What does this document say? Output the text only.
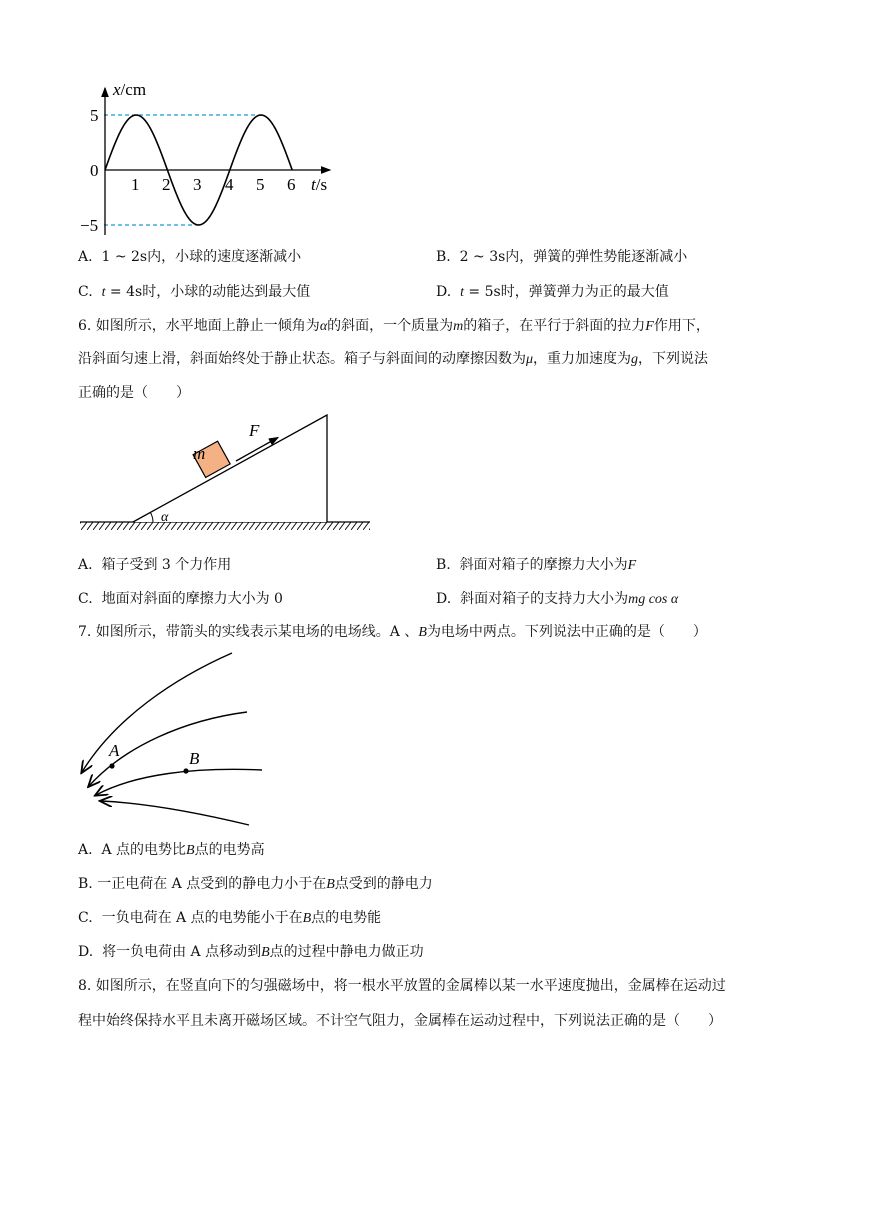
x/cm
t/s
5
0
−5
1 2 3 4 5 6
A. 1 ~ 2s内，小球的速度逐渐减小	B. 2 ~ 3s内，弹簧的弹性势能逐渐减小
C. t = 4s时，小球的动能达到最大值	D. t = 5s时，弹簧弹力为正的最大值
6. 如图所示，水平地面上静止一倾角为α的斜面，一个质量为m的箱子，在平行于斜面的拉力F作用下，
沿斜面匀速上滑，斜面始终处于静止状态。箱子与斜面间的动摩擦因数为μ，重力加速度为g，下列说法
正确的是（　　）
α
F
m
A. 箱子受到 3 个力作用	B. 斜面对箱子的摩擦力大小为F
C. 地面对斜面的摩擦力大小为 0	D. 斜面对箱子的支持力大小为mg cos α
7. 如图所示，带箭头的实线表示某电场的电场线。A 、B为电场中两点。下列说法中正确的是（　　）
A	B
A. A 点的电势比B点的电势高
B. 一正电荷在 A 点受到的静电力小于在B点受到的静电力
C. 一负电荷在 A 点的电势能小于在B点的电势能
D. 将一负电荷由 A 点移动到B点的过程中静电力做正功
8. 如图所示，在竖直向下的匀强磁场中，将一根水平放置的金属棒以某一水平速度抛出，金属棒在运动过
程中始终保持水平且未离开磁场区域。不计空气阻力，金属棒在运动过程中，下列说法正确的是（　　）
